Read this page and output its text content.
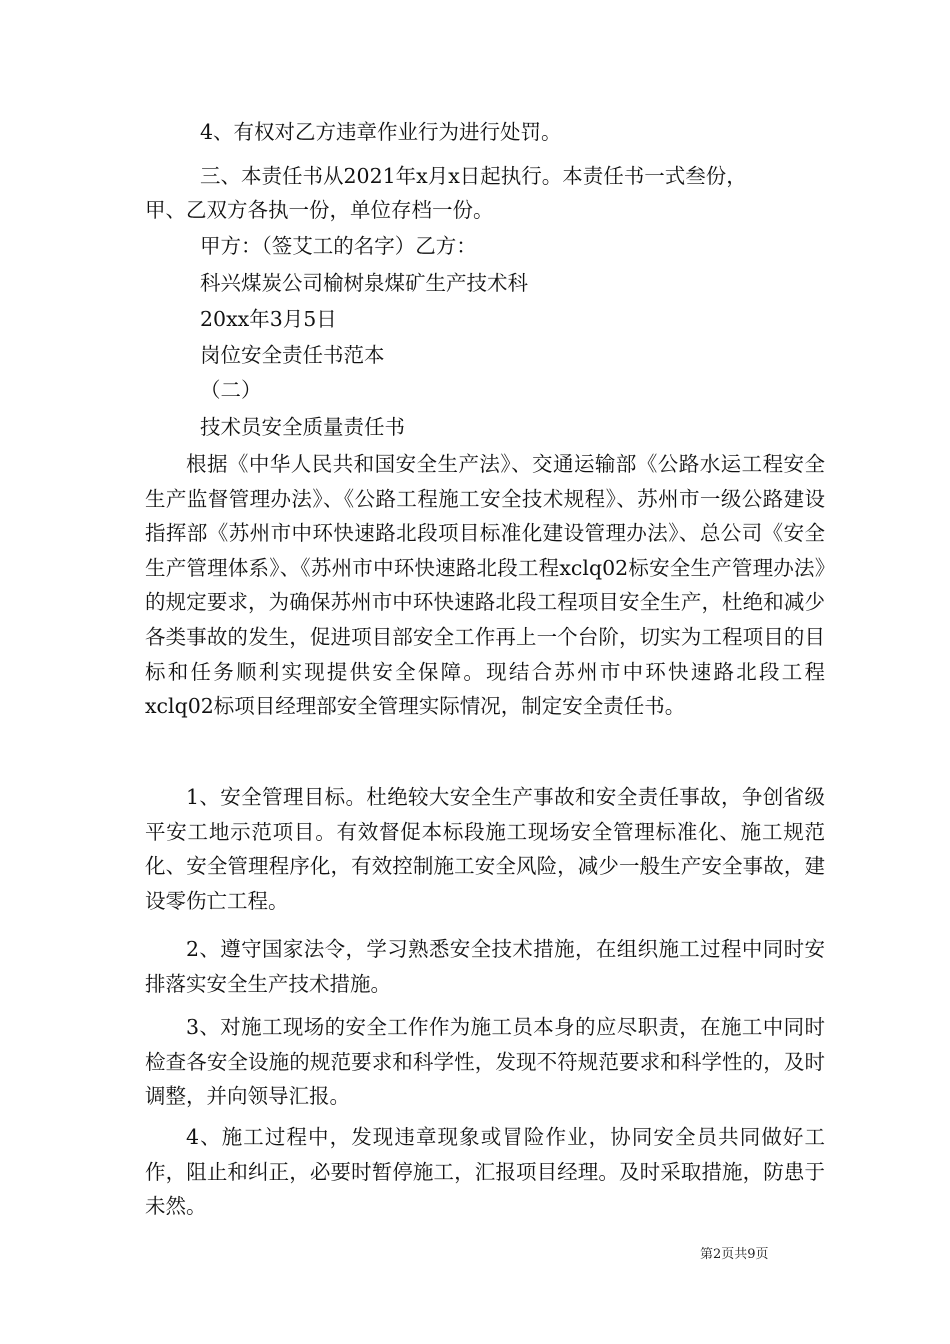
4、有权对乙方违章作业行为进行处罚。
三、本责任书从2021年x月x日起执行。本责任书一式叁份，
甲、乙双方各执一份，单位存档一份。
甲方：（签艾工的名字）乙方：
科兴煤炭公司榆树泉煤矿生产技术科
20xx年3月5日
岗位安全责任书范本
（二）
技术员安全质量责任书
根据《中华人民共和国安全生产法》、交通运输部《公路水运工程安全生产监督管理办法》、《公路工程施工安全技术规程》、苏州市一级公路建设指挥部《苏州市中环快速路北段项目标准化建设管理办法》、总公司《安全生产管理体系》、《苏州市中环快速路北段工程xclq02标安全生产管理办法》的规定要求，为确保苏州市中环快速路北段工程项目安全生产，杜绝和减少各类事故的发生，促进项目部安全工作再上一个台阶，切实为工程项目的目标和任务顺利实现提供安全保障。现结合苏州市中环快速路北段工程xclq02标项目经理部安全管理实际情况，制定安全责任书。
1、安全管理目标。杜绝较大安全生产事故和安全责任事故，争创省级平安工地示范项目。有效督促本标段施工现场安全管理标准化、施工规范化、安全管理程序化，有效控制施工安全风险，减少一般生产安全事故，建设零伤亡工程。
2、遵守国家法令，学习熟悉安全技术措施，在组织施工过程中同时安排落实安全生产技术措施。
3、对施工现场的安全工作作为施工员本身的应尽职责，在施工中同时检查各安全设施的规范要求和科学性，发现不符规范要求和科学性的，及时调整，并向领导汇报。
4、施工过程中，发现违章现象或冒险作业，协同安全员共同做好工作，阻止和纠正，必要时暂停施工，汇报项目经理。及时采取措施，防患于未然。
第2页共9页
